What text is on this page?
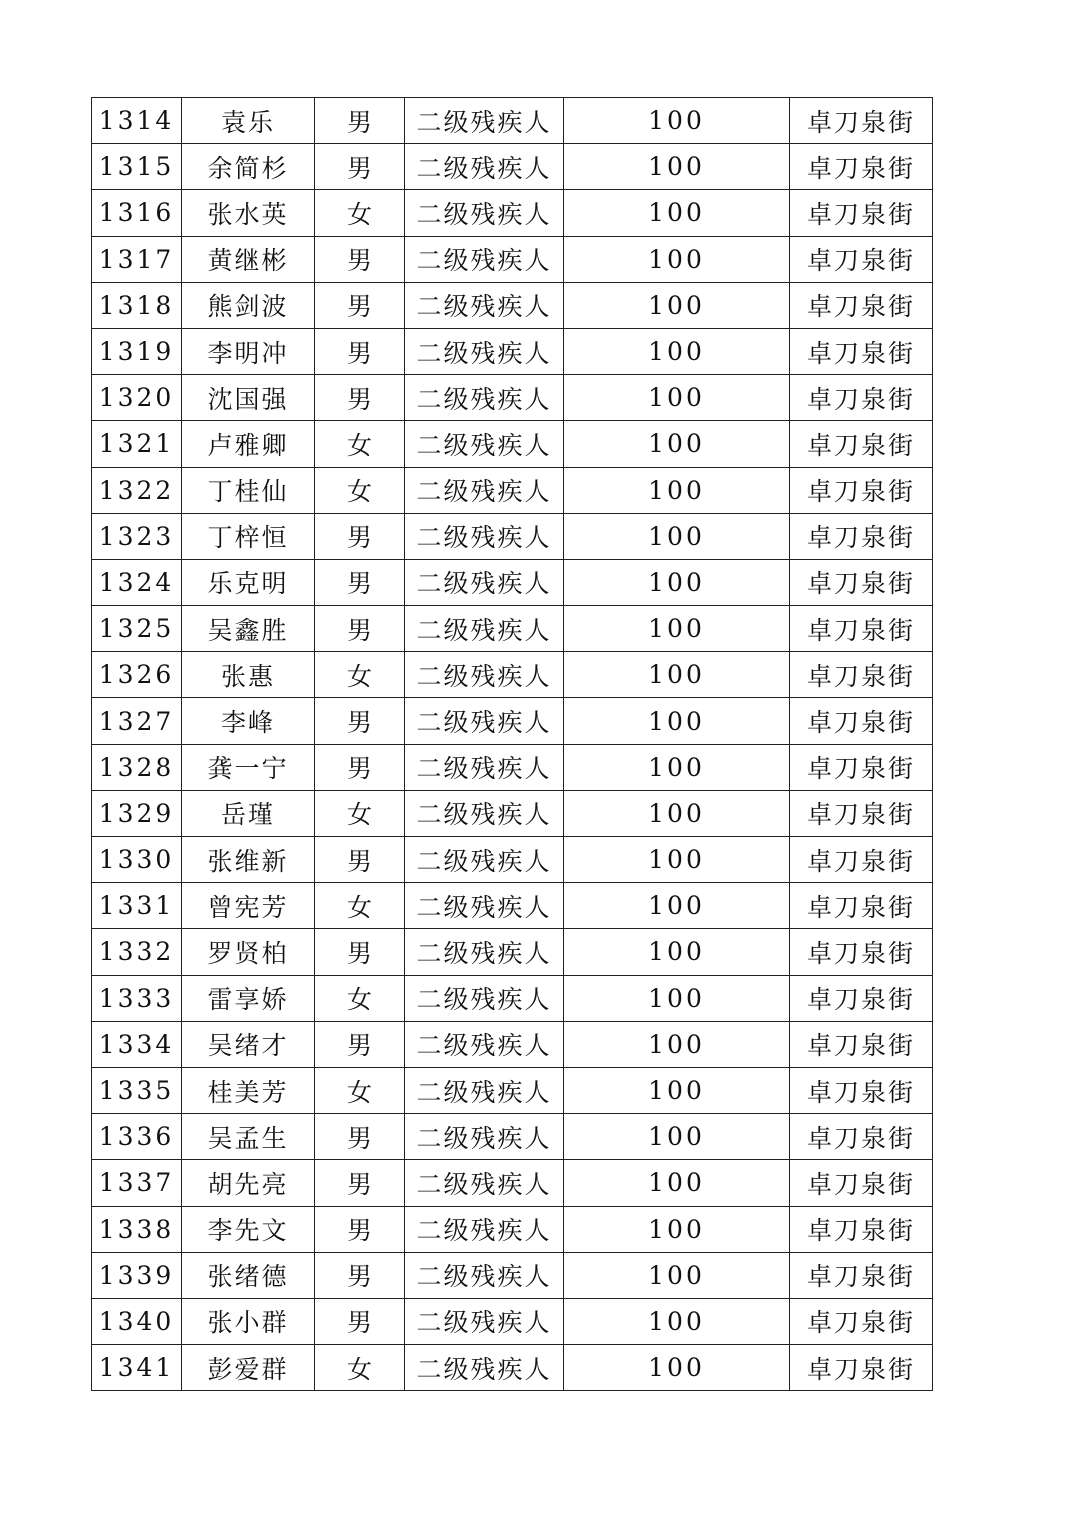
1314	袁乐	男	二级残疾人	100	卓刀泉街
1315	余简杉	男	二级残疾人	100	卓刀泉街
1316	张水英	女	二级残疾人	100	卓刀泉街
1317	黄继彬	男	二级残疾人	100	卓刀泉街
1318	熊剑波	男	二级残疾人	100	卓刀泉街
1319	李明冲	男	二级残疾人	100	卓刀泉街
1320	沈国强	男	二级残疾人	100	卓刀泉街
1321	卢雅卿	女	二级残疾人	100	卓刀泉街
1322	丁桂仙	女	二级残疾人	100	卓刀泉街
1323	丁梓恒	男	二级残疾人	100	卓刀泉街
1324	乐克明	男	二级残疾人	100	卓刀泉街
1325	吴鑫胜	男	二级残疾人	100	卓刀泉街
1326	张惠	女	二级残疾人	100	卓刀泉街
1327	李峰	男	二级残疾人	100	卓刀泉街
1328	龚一宁	男	二级残疾人	100	卓刀泉街
1329	岳瑾	女	二级残疾人	100	卓刀泉街
1330	张维新	男	二级残疾人	100	卓刀泉街
1331	曾宪芳	女	二级残疾人	100	卓刀泉街
1332	罗贤柏	男	二级残疾人	100	卓刀泉街
1333	雷享娇	女	二级残疾人	100	卓刀泉街
1334	吴绪才	男	二级残疾人	100	卓刀泉街
1335	桂美芳	女	二级残疾人	100	卓刀泉街
1336	吴孟生	男	二级残疾人	100	卓刀泉街
1337	胡先亮	男	二级残疾人	100	卓刀泉街
1338	李先文	男	二级残疾人	100	卓刀泉街
1339	张绪德	男	二级残疾人	100	卓刀泉街
1340	张小群	男	二级残疾人	100	卓刀泉街
1341	彭爱群	女	二级残疾人	100	卓刀泉街
